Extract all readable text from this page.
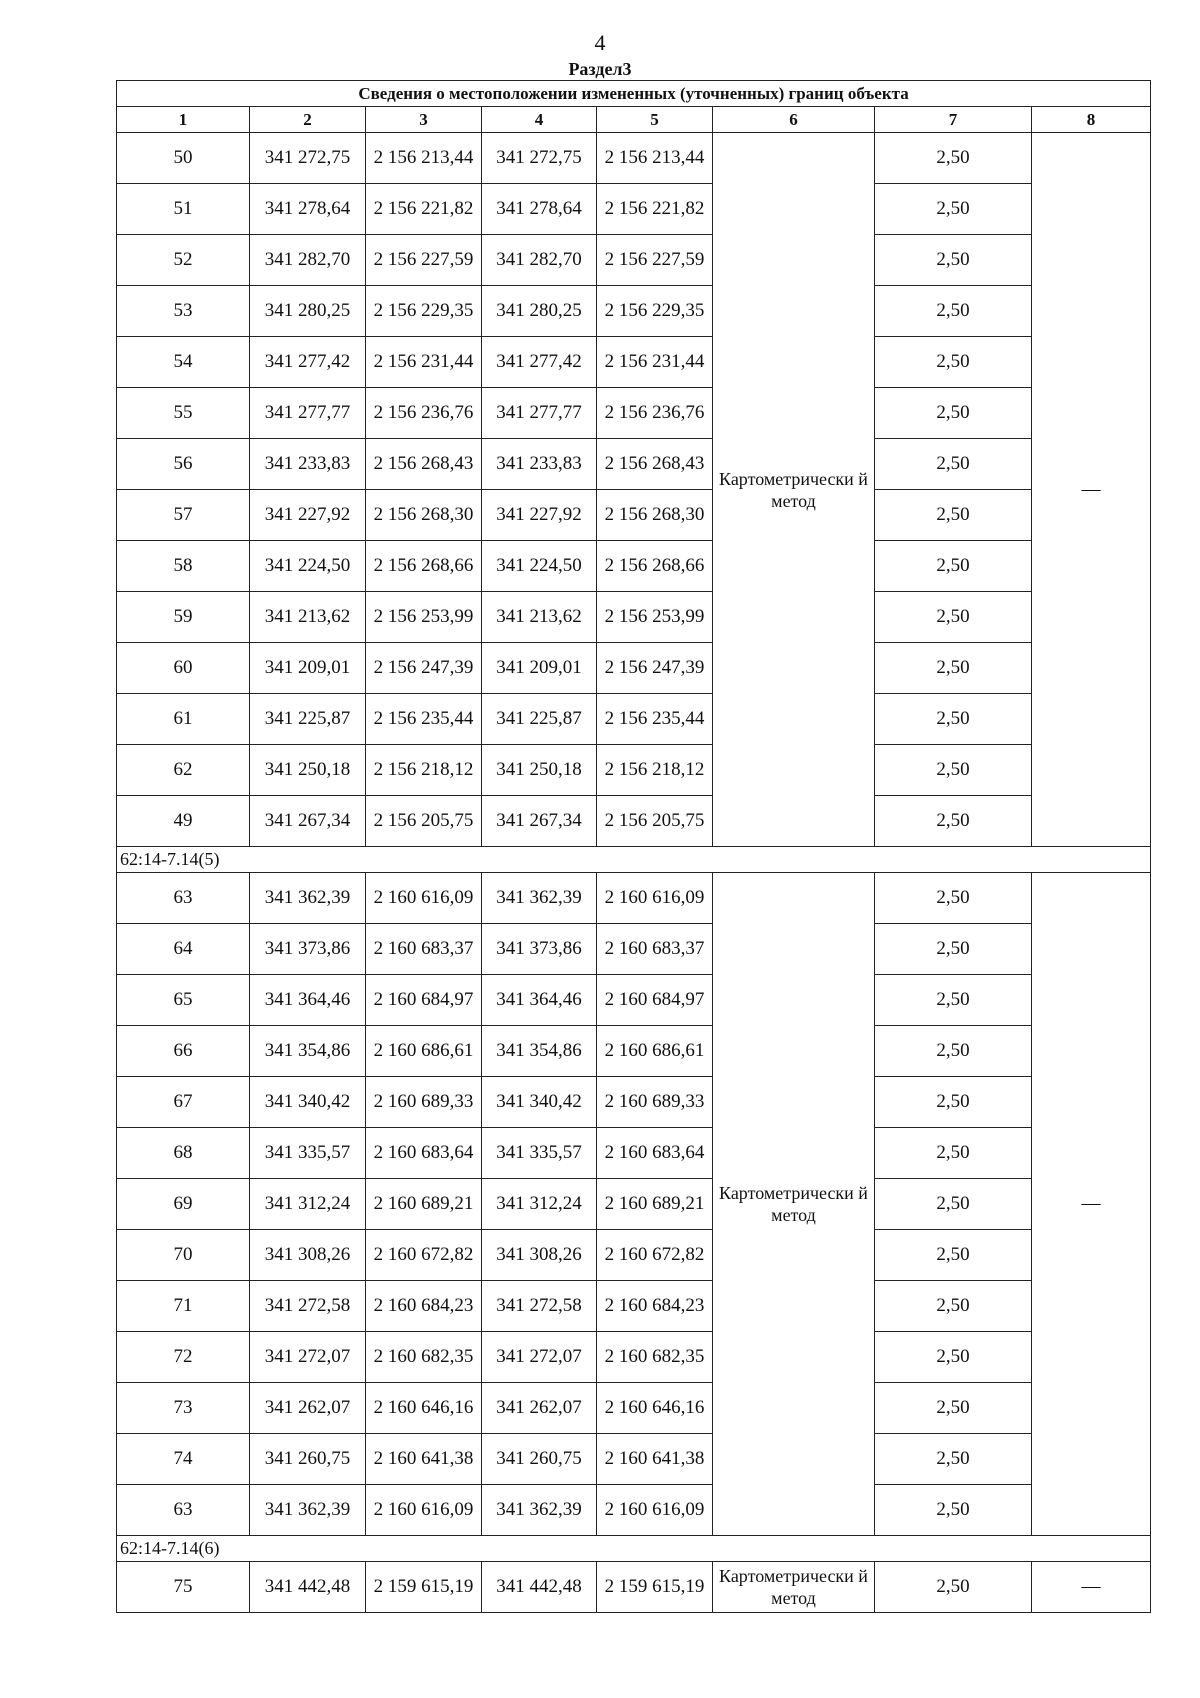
4
Раздел3
Сведения о местоположении измененных (уточненных) границ объекта							
1	2	3	4	5	6	7	8
50	341 272,75	2 156 213,44	341 272,75	2 156 213,44	Картометрически й метод	2,50	—
51	341 278,64	2 156 221,82	341 278,64	2 156 221,82		2,50	
52	341 282,70	2 156 227,59	341 282,70	2 156 227,59		2,50	
53	341 280,25	2 156 229,35	341 280,25	2 156 229,35		2,50	
54	341 277,42	2 156 231,44	341 277,42	2 156 231,44		2,50	
55	341 277,77	2 156 236,76	341 277,77	2 156 236,76		2,50	
56	341 233,83	2 156 268,43	341 233,83	2 156 268,43		2,50	
57	341 227,92	2 156 268,30	341 227,92	2 156 268,30		2,50	
58	341 224,50	2 156 268,66	341 224,50	2 156 268,66		2,50	
59	341 213,62	2 156 253,99	341 213,62	2 156 253,99		2,50	
60	341 209,01	2 156 247,39	341 209,01	2 156 247,39		2,50	
61	341 225,87	2 156 235,44	341 225,87	2 156 235,44		2,50	
62	341 250,18	2 156 218,12	341 250,18	2 156 218,12		2,50	
49	341 267,34	2 156 205,75	341 267,34	2 156 205,75		2,50	
62:14-7.14(5)							
63	341 362,39	2 160 616,09	341 362,39	2 160 616,09	Картометрически й метод	2,50	—
64	341 373,86	2 160 683,37	341 373,86	2 160 683,37		2,50	
65	341 364,46	2 160 684,97	341 364,46	2 160 684,97		2,50	
66	341 354,86	2 160 686,61	341 354,86	2 160 686,61		2,50	
67	341 340,42	2 160 689,33	341 340,42	2 160 689,33		2,50	
68	341 335,57	2 160 683,64	341 335,57	2 160 683,64		2,50	
69	341 312,24	2 160 689,21	341 312,24	2 160 689,21		2,50	
70	341 308,26	2 160 672,82	341 308,26	2 160 672,82		2,50	
71	341 272,58	2 160 684,23	341 272,58	2 160 684,23		2,50	
72	341 272,07	2 160 682,35	341 272,07	2 160 682,35		2,50	
73	341 262,07	2 160 646,16	341 262,07	2 160 646,16		2,50	
74	341 260,75	2 160 641,38	341 260,75	2 160 641,38		2,50	
63	341 362,39	2 160 616,09	341 362,39	2 160 616,09		2,50	
62:14-7.14(6)							
75	341 442,48	2 159 615,19	341 442,48	2 159 615,19	Картометрически й метод	2,50	—
